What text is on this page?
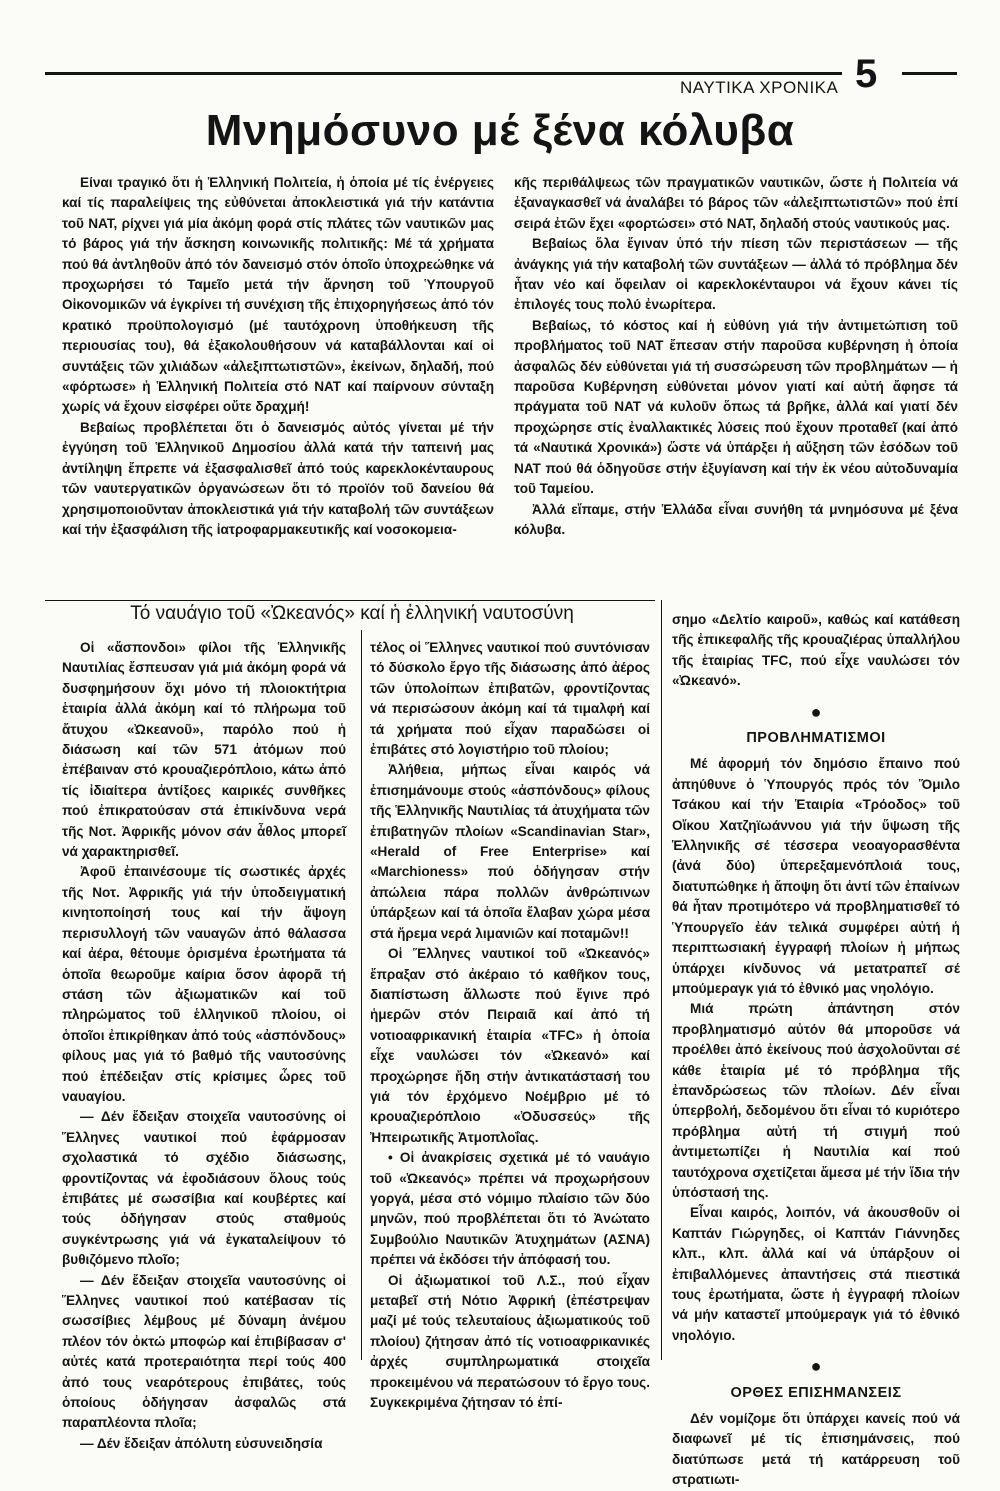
ΝΑΥΤΙΚΑ ΧΡΟΝΙΚΑ 5
Μνημόσυνο μέ ξένα κόλυβα

Είναι τραγικό ὅτι ἡ Ἑλληνική Πολιτεία, ἡ ὁποία μέ τίς ἐνέργειες καί τίς παραλείψεις της εὐθύνεται ἀποκλειστικά γιά τήν κατάντια τοῦ ΝΑΤ, ρίχνει γιά μία ἀκόμη φορά στίς πλάτες τῶν ναυτικῶν μας τό βάρος γιά τήν ἄσκηση κοινωνικῆς πολιτικῆς: Μέ τά χρήματα πού θά ἀντληθοῦν ἀπό τόν δανεισμό στόν ὁποῖο ὑποχρεώθηκε νά προχωρήσει τό Ταμεῖο μετά τήν ἄρνηση τοῦ Ὑπουργοῦ Οἰκονομικῶν νά ἐγκρίνει τή συνέχιση τῆς ἐπιχορηγήσεως ἀπό τόν κρατικό προϋπολογισμό (μέ ταυτόχρονη ὑποθήκευση τῆς περιουσίας του), θά ἐξακολουθήσουν νά καταβάλλονται καί οἱ συντάξεις τῶν χιλιάδων «ἀλεξιπτωτιστῶν», ἐκείνων, δηλαδή, πού «φόρτωσε» ἡ Ἑλληνική Πολιτεία στό ΝΑΤ καί παίρνουν σύνταξη χωρίς νά ἔχουν εἰσφέρει οὔτε δραχμή!

Βεβαίως προβλέπεται ὅτι ὁ δανεισμός αὐτός γίνεται μέ τήν ἐγγύηση τοῦ Ἑλληνικοῦ Δημοσίου ἀλλά κατά τήν ταπεινή μας ἀντίληψη ἔπρεπε νά ἐξασφαλισθεῖ ἀπό τούς καρεκλοκένταυρους τῶν ναυτεργατικῶν ὀργανώσεων ὅτι τό προϊόν τοῦ δανείου θά χρησιμοποιοῦνταν ἀποκλειστικά γιά τήν καταβολή τῶν συντάξεων καί τήν ἐξασφάλιση τῆς ἰατροφαρμακευτικῆς καί νοσοκομεια-

κῆς περιθάλψεως τῶν πραγματικῶν ναυτικῶν, ὥστε ἡ Πολιτεία νά ἐξαναγκασθεῖ νά ἀναλάβει τό βάρος τῶν «ἀλεξιπτωτιστῶν» πού ἐπί σειρά ἐτῶν ἔχει «φορτώσει» στό ΝΑΤ, δηλαδή στούς ναυτικούς μας.

Βεβαίως ὅλα ἔγιναν ὑπό τήν πίεση τῶν περιστάσεων — τῆς ἀνάγκης γιά τήν καταβολή τῶν συντάξεων — ἀλλά τό πρόβλημα δέν ἦταν νέο καί ὄφειλαν οἱ καρεκλοκένταυροι νά ἔχουν κάνει τίς ἐπιλογές τους πολύ ἐνωρίτερα.

Βεβαίως, τό κόστος καί ἡ εὐθύνη γιά τήν ἀντιμετώπιση τοῦ προβλήματος τοῦ ΝΑΤ ἔπεσαν στήν παροῦσα κυβέρνηση ἡ ὁποία ἀσφαλῶς δέν εὐθύνεται γιά τή συσσώρευση τῶν προβλημάτων — ἡ παροῦσα Κυβέρνηση εὐθύνεται μόνον γιατί καί αὐτή ἄφησε τά πράγματα τοῦ ΝΑΤ νά κυλοῦν ὅπως τά βρῆκε, ἀλλά καί γιατί δέν προχώρησε στίς ἐναλλακτικές λύσεις πού ἔχουν προταθεῖ (καί ἀπό τά «Ναυτικά Χρονικά») ὥστε νά ὑπάρξει ἡ αὔξηση τῶν ἐσόδων τοῦ ΝΑΤ πού θά ὁδηγοῦσε στήν ἐξυγίανση καί τήν ἐκ νέου αὐτοδυναμία τοῦ Ταμείου.

Ἀλλά εἴπαμε, στήν Ἑλλάδα εἶναι συνήθη τά μνημόσυνα μέ ξένα κόλυβα.

Τό ναυάγιο τοῦ «Ὠκεανός» καί ἡ ἑλληνική ναυτοσύνη

Οἱ «ἄσπονδοι» φίλοι τῆς Ἑλληνικῆς Ναυτιλίας ἔσπευσαν γιά μιά ἀκόμη φορά νά δυσφημήσουν ὄχι μόνο τή πλοιοκτήτρια ἑταιρία ἀλλά ἀκόμη καί τό πλήρωμα τοῦ ἄτυχου «Ὠκεανοῦ», παρόλο πού ἡ διάσωση καί τῶν 571 ἀτόμων πού ἐπέβαιναν στό κρουαζιερόπλοιο, κάτω ἀπό τίς ἰδιαίτερα ἀντίξοες καιρικές συνθῆκες πού ἐπικρατούσαν στά ἐπικίνδυνα νερά τῆς Νοτ. Ἀφρικῆς μόνον σάν ἆθλος μπορεῖ νά χαρακτηρισθεῖ.

Ἀφοῦ ἐπαινέσουμε τίς σωστικές ἀρχές τῆς Νοτ. Ἀφρικῆς γιά τήν ὑποδειγματική κινητοποίησή τους καί τήν ἄψογη περισυλλογή τῶν ναυαγῶν ἀπό θάλασσα καί ἀέρα, θέτουμε ὁρισμένα ἐρωτήματα τά ὁποῖα θεωροῦμε καίρια ὅσον ἀφορᾶ τή στάση τῶν ἀξιωματικῶν καί τοῦ πληρώματος τοῦ ἑλληνικοῦ πλοίου, οἱ ὁποῖοι ἐπικρίθηκαν ἀπό τούς «ἀσπόνδους» φίλους μας γιά τό βαθμό τῆς ναυτοσύνης πού ἐπέδειξαν στίς κρίσιμες ὧρες τοῦ ναυαγίου.

— Δέν ἔδειξαν στοιχεῖα ναυτοσύνης οἱ Ἕλληνες ναυτικοί πού ἐφάρμοσαν σχολαστικά τό σχέδιο διάσωσης, φροντίζοντας νά ἐφοδιάσουν ὅλους τούς ἐπιβάτες μέ σωσσίβια καί κουβέρτες καί τούς ὁδήγησαν στούς σταθμούς συγκέντρωσης γιά νά ἐγκαταλείψουν τό βυθιζόμενο πλοῖο;

— Δέν ἔδειξαν στοιχεῖα ναυτοσύνης οἱ Ἕλληνες ναυτικοί πού κατέβασαν τίς σωσσίβιες λέμβους μέ δύναμη ἀνέμου πλέον τόν ὀκτώ μποφώρ καί ἐπιβίβασαν σ' αὐτές κατά προτεραιότητα περί τούς 400 ἀπό τους νεαρότερους ἐπιβάτες, τούς ὁποίους ὁδήγησαν ἀσφαλῶς στά παραπλέοντα πλοῖα;

— Δέν ἔδειξαν ἀπόλυτη εὐσυνειδησία

τέλος οἱ Ἕλληνες ναυτικοί πού συντόνισαν τό δύσκολο ἔργο τῆς διάσωσης ἀπό ἀέρος τῶν ὑπολοίπων ἐπιβατῶν, φροντίζοντας νά περισώσουν ἀκόμη καί τά τιμαλφή καί τά χρήματα πού εἶχαν παραδώσει οἱ ἐπιβάτες στό λογιστήριο τοῦ πλοίου;

Ἀλήθεια, μήπως εἶναι καιρός νά ἐπισημάνουμε στούς «ἀσπόνδους» φίλους τῆς Ἑλληνικῆς Ναυτιλίας τά ἀτυχήματα τῶν ἐπιβατηγῶν πλοίων «Scandinavian Star», «Herald of Free Enterprise» καί «Marchioness» πού ὁδήγησαν στήν ἀπώλεια πάρα πολλῶν ἀνθρώπινων ὑπάρξεων καί τά ὁποῖα ἔλαβαν χώρα μέσα στά ἤρεμα νερά λιμανιῶν καί ποταμῶν!!

Οἱ Ἕλληνες ναυτικοί τοῦ «Ὠκεανός» ἔπραξαν στό ἀκέραιο τό καθῆκον τους, διαπίστωση ἄλλωστε πού ἔγινε πρό ἡμερῶν στόν Πειραιᾶ καί ἀπό τή νοτιοαφρικανική ἑταιρία «TFC» ἡ ὁποία εἶχε ναυλώσει τόν «Ὠκεανό» καί προχώρησε ἤδη στήν ἀντικατάστασή του γιά τόν ἐρχόμενο Νοέμβριο μέ τό κρουαζιερόπλοιο «Ὀδυσσεύς» τῆς Ἠπειρωτικῆς Ἀτμοπλοΐας.

• Οἱ ἀνακρίσεις σχετικά μέ τό ναυάγιο τοῦ «Ὠκεανός» πρέπει νά προχωρήσουν γοργά, μέσα στό νόμιμο πλαίσιο τῶν δύο μηνῶν, πού προβλέπεται ὅτι τό Ἀνώτατο Συμβούλιο Ναυτικῶν Ἀτυχημάτων (ΑΣΝΑ) πρέπει νά ἐκδόσει τήν ἀπόφασή του.

Οἱ ἀξιωματικοί τοῦ Λ.Σ., πού εἶχαν μεταβεῖ στή Νότιο Ἀφρική (ἐπέστρεψαν μαζί μέ τούς τελευταίους ἀξιωματικούς τοῦ πλοίου) ζήτησαν ἀπό τίς νοτιοαφρικανικές ἀρχές συμπληρωματικά στοιχεῖα προκειμένου νά περατώσουν τό ἔργο τους. Συγκεκριμένα ζήτησαν τό ἐπί-

σημο «Δελτίο καιροῦ», καθώς καί κατάθεση τῆς ἐπικεφαλῆς τῆς κρουαζιέρας ὑπαλλήλου τῆς ἑταιρίας TFC, πού εἶχε ναυλώσει τόν «Ὠκεανό».

●
ΠΡΟΒΛΗΜΑΤΙΣΜΟΙ

Μέ ἀφορμή τόν δημόσιο ἔπαινο πού ἀπηύθυνε ὁ Ὑπουργός πρός τόν Ὅμιλο Τσάκου καί τήν Ἑταιρία «Τρόοδος» τοῦ Οἴκου Χατζηϊωάννου γιά τήν ὕψωση τῆς Ἑλληνικῆς σέ τέσσερα νεοαγορασθέντα (ἀνά δύο) ὑπερεξαμενόπλοιά τους, διατυπώθηκε ἡ ἄποψη ὅτι ἀντί τῶν ἐπαίνων θά ἦταν προτιμότερο νά προβληματισθεῖ τό Ὑπουργεῖο ἐάν τελικά συμφέρει αὐτή ἡ περιπτωσιακή ἐγγραφή πλοίων ἡ μήπως ὑπάρχει κίνδυνος νά μετατραπεῖ σέ μπούμεραγκ γιά τό ἐθνικό μας νηολόγιο.

Μιά πρώτη ἀπάντηση στόν προβληματισμό αὐτόν θά μποροῦσε νά προέλθει ἀπό ἐκείνους πού ἀσχολοῦνται σέ κάθε ἑταιρία μέ τό πρόβλημα τῆς ἐπανδρώσεως τῶν πλοίων. Δέν εἶναι ὑπερβολή, δεδομένου ὅτι εἶναι τό κυριότερο πρόβλημα αὐτή τή στιγμή πού ἀντιμετωπίζει ἡ Ναυτιλία καί πού ταυτόχρονα σχετίζεται ἄμεσα μέ τήν ἴδια τήν ὑπόστασή της.

Εἶναι καιρός, λοιπόν, νά ἀκουσθοῦν οἱ Καπτάν Γιώργηδες, οἱ Καπτάν Γιάννηδες κλπ., κλπ. ἀλλά καί νά ὑπάρξουν οἱ ἐπιβαλλόμενες ἀπαντήσεις στά πιεστικά τους ἐρωτήματα, ὥστε ἡ ἐγγραφή πλοίων νά μήν καταστεῖ μπούμεραγκ γιά τό ἐθνικό νηολόγιο.

●
ΟΡΘΕΣ ΕΠΙΣΗΜΑΝΣΕΙΣ

Δέν νομίζομε ὅτι ὑπάρχει κανείς πού νά διαφωνεῖ μέ τίς ἐπισημάνσεις, πού διατύπωσε μετά τή κατάρρευση τοῦ στρατιωτι-
